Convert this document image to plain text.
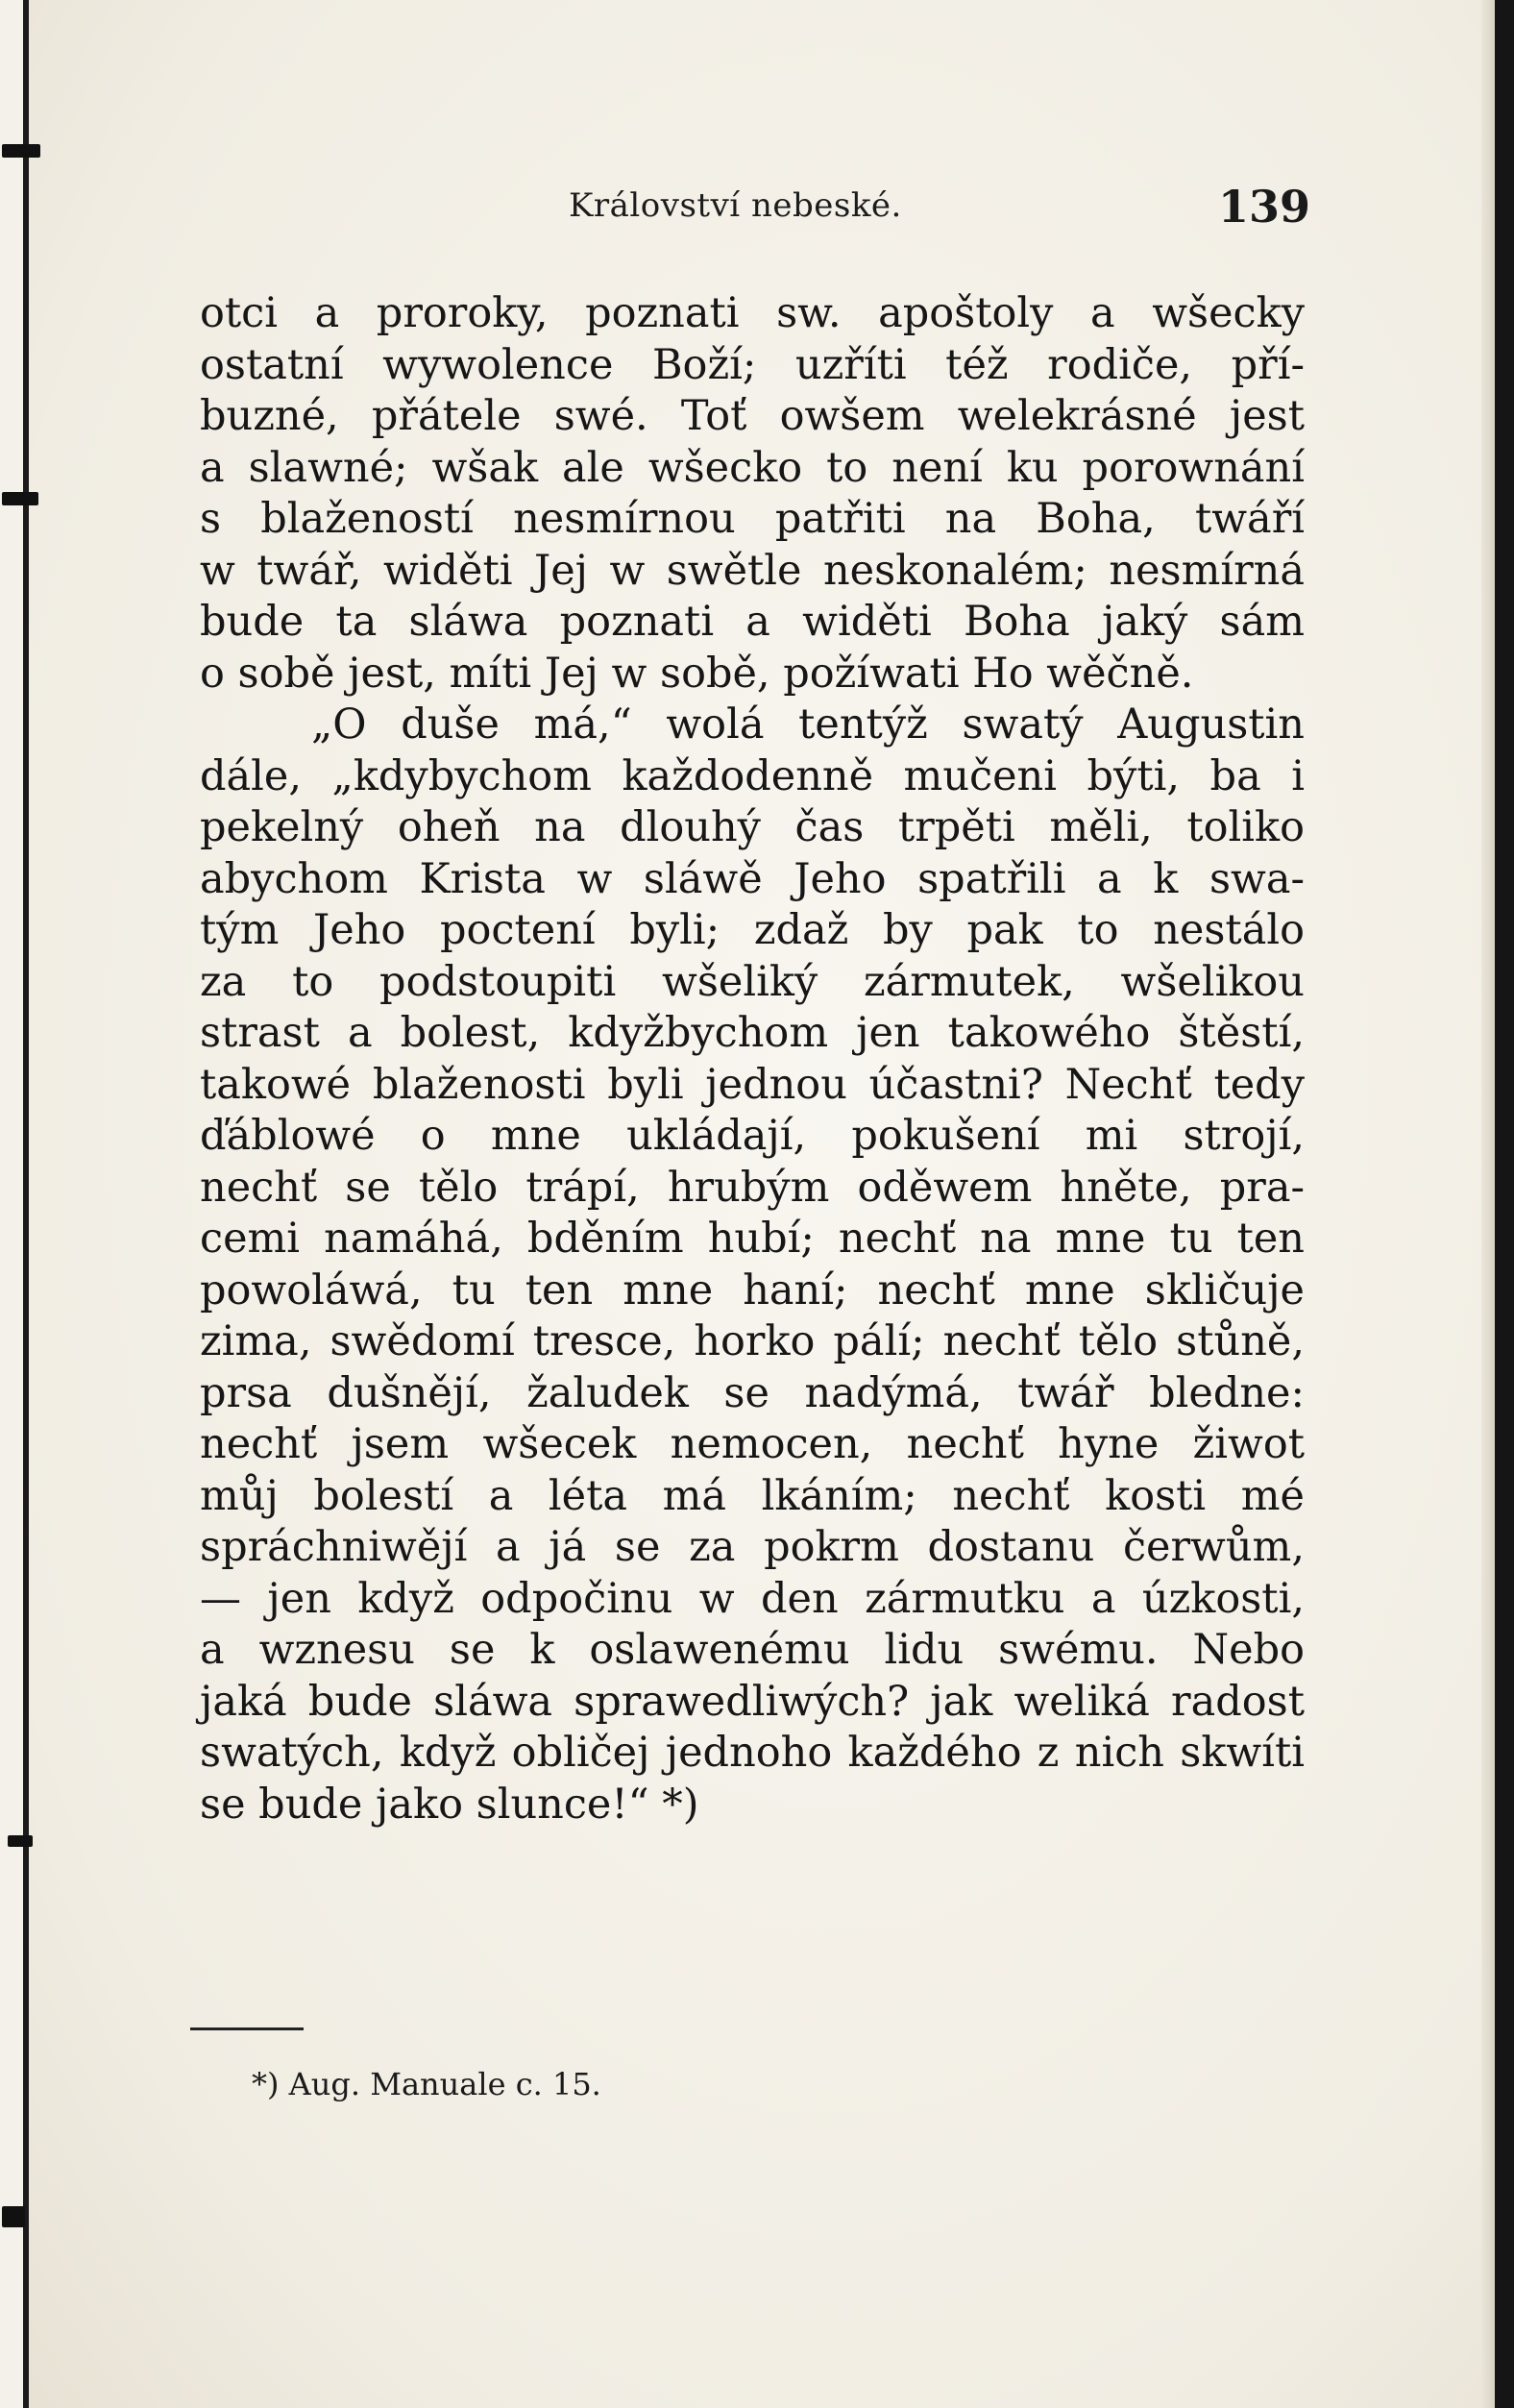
Království nebeské.	139
otci a proroky, poznati sw. apoštoly a wšecky
ostatní wywolence Boží; uzříti též rodiče, pří-
buzné, přátele swé. Toť owšem welekrásné jest
a slawné; wšak ale wšecko to není ku porownání
s blažeností nesmírnou patřiti na Boha, twáří
w twář, widěti Jej w swětle neskonalém; nesmírná
bude ta sláwa poznati a widěti Boha jaký sám
o sobě jest, míti Jej w sobě, požíwati Ho wěčně.
„O duše má,“ wolá tentýž swatý Augustin
dále, „kdybychom každodenně mučeni býti, ba i
pekelný oheň na dlouhý čas trpěti měli, toliko
abychom Krista w sláwě Jeho spatřili a k swa-
tým Jeho poctení byli; zdaž by pak to nestálo
za to podstoupiti wšeliký zármutek, wšelikou
strast a bolest, kdyžbychom jen takowého štěstí,
takowé blaženosti byli jednou účastni? Nechť tedy
ďáblowé o mne ukládají, pokušení mi strojí,
nechť se tělo trápí, hrubým oděwem hněte, pra-
cemi namáhá, bděním hubí; nechť na mne tu ten
powoláwá, tu ten mne haní; nechť mne skličuje
zima, swědomí tresce, horko pálí; nechť tělo stůně,
prsa dušnějí, žaludek se nadýmá, twář bledne:
nechť jsem wšecek nemocen, nechť hyne žiwot
můj bolestí a léta má lkáním; nechť kosti mé
spráchniwějí a já se za pokrm dostanu čerwům,
— jen když odpočinu w den zármutku a úzkosti,
a wznesu se k oslawenému lidu swému. Nebo
jaká bude sláwa sprawedliwých? jak weliká radost
swatých, když obličej jednoho každého z nich skwíti
se bude jako slunce!“ *)
*) Aug. Manuale c. 15.
